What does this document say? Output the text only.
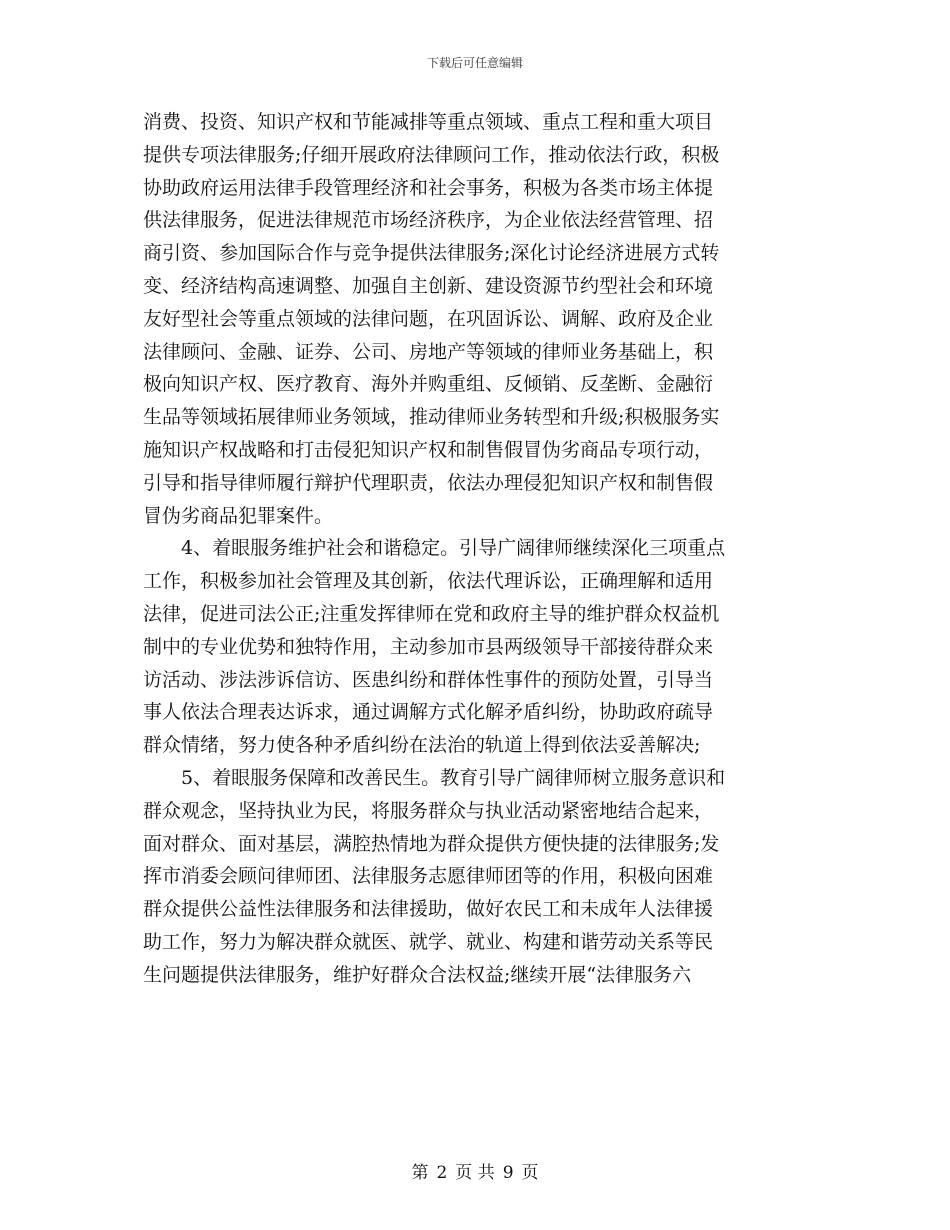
下载后可任意编辑
消费、投资、知识产权和节能减排等重点领域、重点工程和重大项目
提供专项法律服务;仔细开展政府法律顾问工作，推动依法行政，积极
协助政府运用法律手段管理经济和社会事务，积极为各类市场主体提
供法律服务，促进法律规范市场经济秩序，为企业依法经营管理、招
商引资、参加国际合作与竞争提供法律服务;深化讨论经济进展方式转
变、经济结构高速调整、加强自主创新、建设资源节约型社会和环境
友好型社会等重点领域的法律问题，在巩固诉讼、调解、政府及企业
法律顾问、金融、证券、公司、房地产等领域的律师业务基础上，积
极向知识产权、医疗教育、海外并购重组、反倾销、反垄断、金融衍
生品等领域拓展律师业务领域，推动律师业务转型和升级;积极服务实
施知识产权战略和打击侵犯知识产权和制售假冒伪劣商品专项行动，
引导和指导律师履行辩护代理职责，依法办理侵犯知识产权和制售假
冒伪劣商品犯罪案件。
4、着眼服务维护社会和谐稳定。引导广阔律师继续深化三项重点
工作，积极参加社会管理及其创新，依法代理诉讼，正确理解和适用
法律，促进司法公正;注重发挥律师在党和政府主导的维护群众权益机
制中的专业优势和独特作用，主动参加市县两级领导干部接待群众来
访活动、涉法涉诉信访、医患纠纷和群体性事件的预防处置，引导当
事人依法合理表达诉求，通过调解方式化解矛盾纠纷，协助政府疏导
群众情绪，努力使各种矛盾纠纷在法治的轨道上得到依法妥善解决;
5、着眼服务保障和改善民生。教育引导广阔律师树立服务意识和
群众观念，坚持执业为民，将服务群众与执业活动紧密地结合起来，
面对群众、面对基层，满腔热情地为群众提供方便快捷的法律服务;发
挥市消委会顾问律师团、法律服务志愿律师团等的作用，积极向困难
群众提供公益性法律服务和法律援助，做好农民工和未成年人法律援
助工作，努力为解决群众就医、就学、就业、构建和谐劳动关系等民
生问题提供法律服务，维护好群众合法权益;继续开展“法律服务六
第 2 页 共 9 页
